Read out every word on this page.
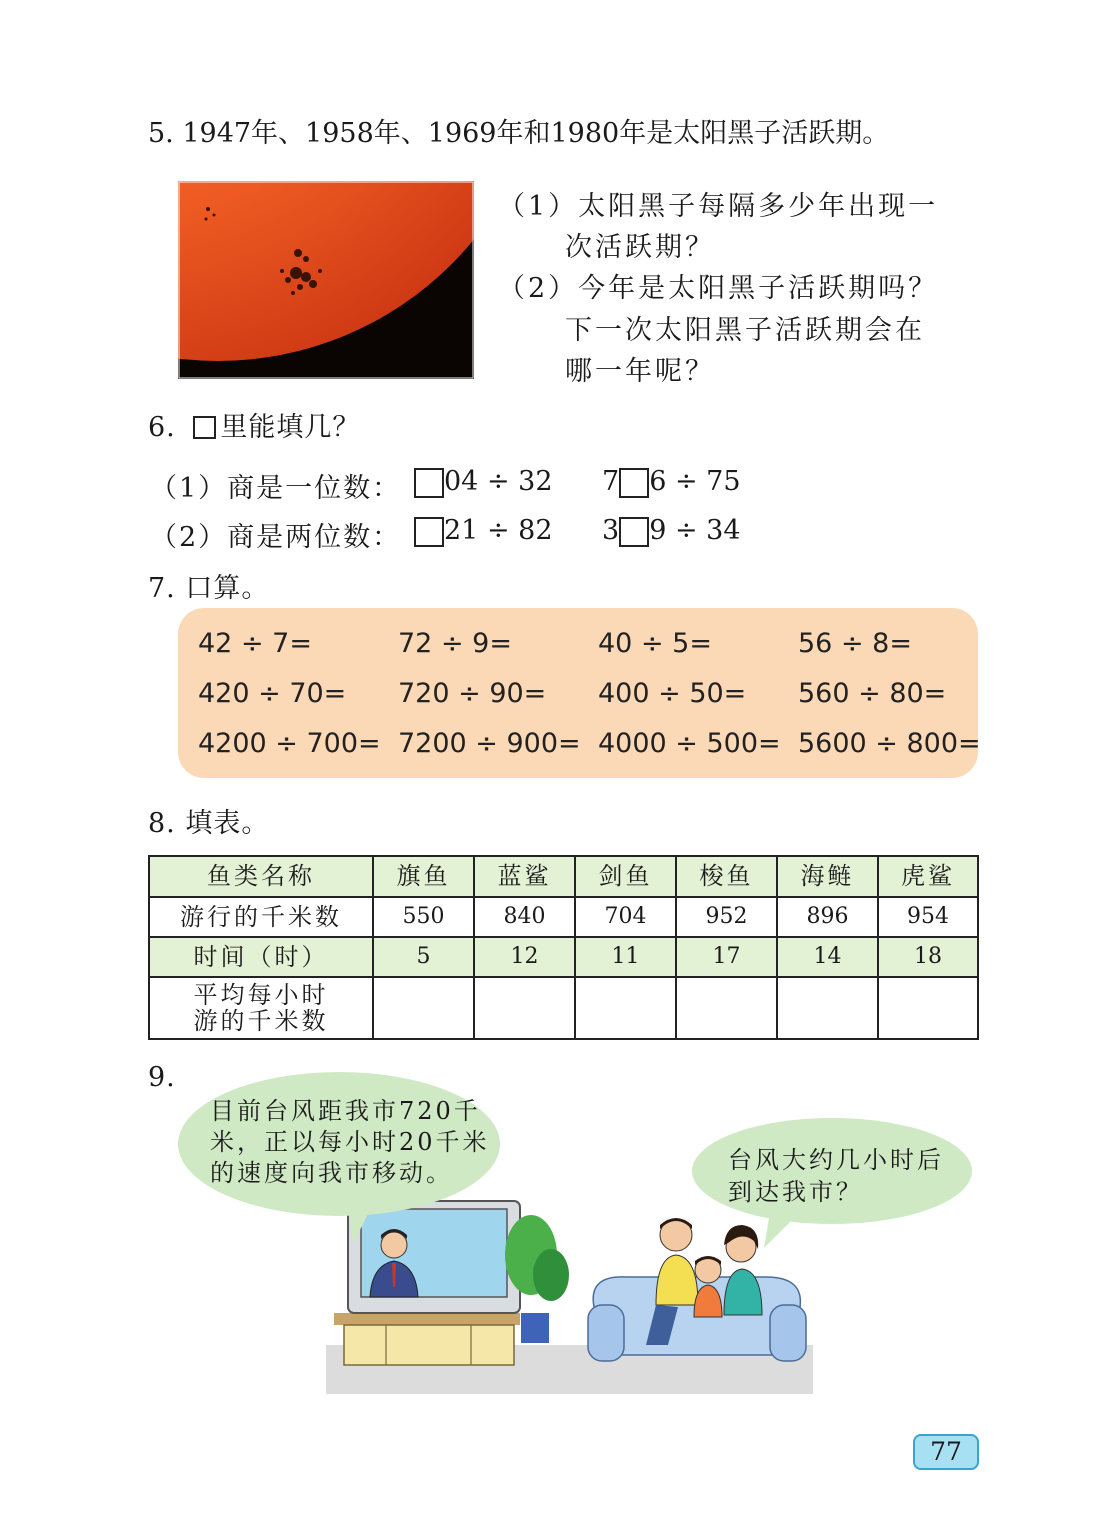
5. 1947年、1958年、1969年和1980年是太阳黑子活跃期。
（1）太阳黑子每隔多少年出现一
次活跃期？
（2）今年是太阳黑子活跃期吗？
下一次太阳黑子活跃期会在
哪一年呢？
6. 里能填几？
（1）商是一位数：	04 ÷ 32 7 6 ÷ 75
（2）商是两位数：	21 ÷ 82 3 9 ÷ 34
7. 口算。
42 ÷ 7=	72 ÷ 9=	40 ÷ 5=	56 ÷ 8=
420 ÷ 70= 720 ÷ 90= 400 ÷ 50= 560 ÷ 80=
4200 ÷ 700= 7200 ÷ 900= 4000 ÷ 500= 5600 ÷ 800=
8. 填表。
鱼类名称	旗鱼	蓝鲨	剑鱼	梭鱼	海鲢	虎鲨
游行的千米数	550	840	704	952	896	954
时间（时）	5	12	11	17	14	18

平均每小时
游的千米数						

9.
目前台风距我市720千
米，正以每小时20千米
的速度向我市移动。	台风大约几小时后
到达我市？
77
